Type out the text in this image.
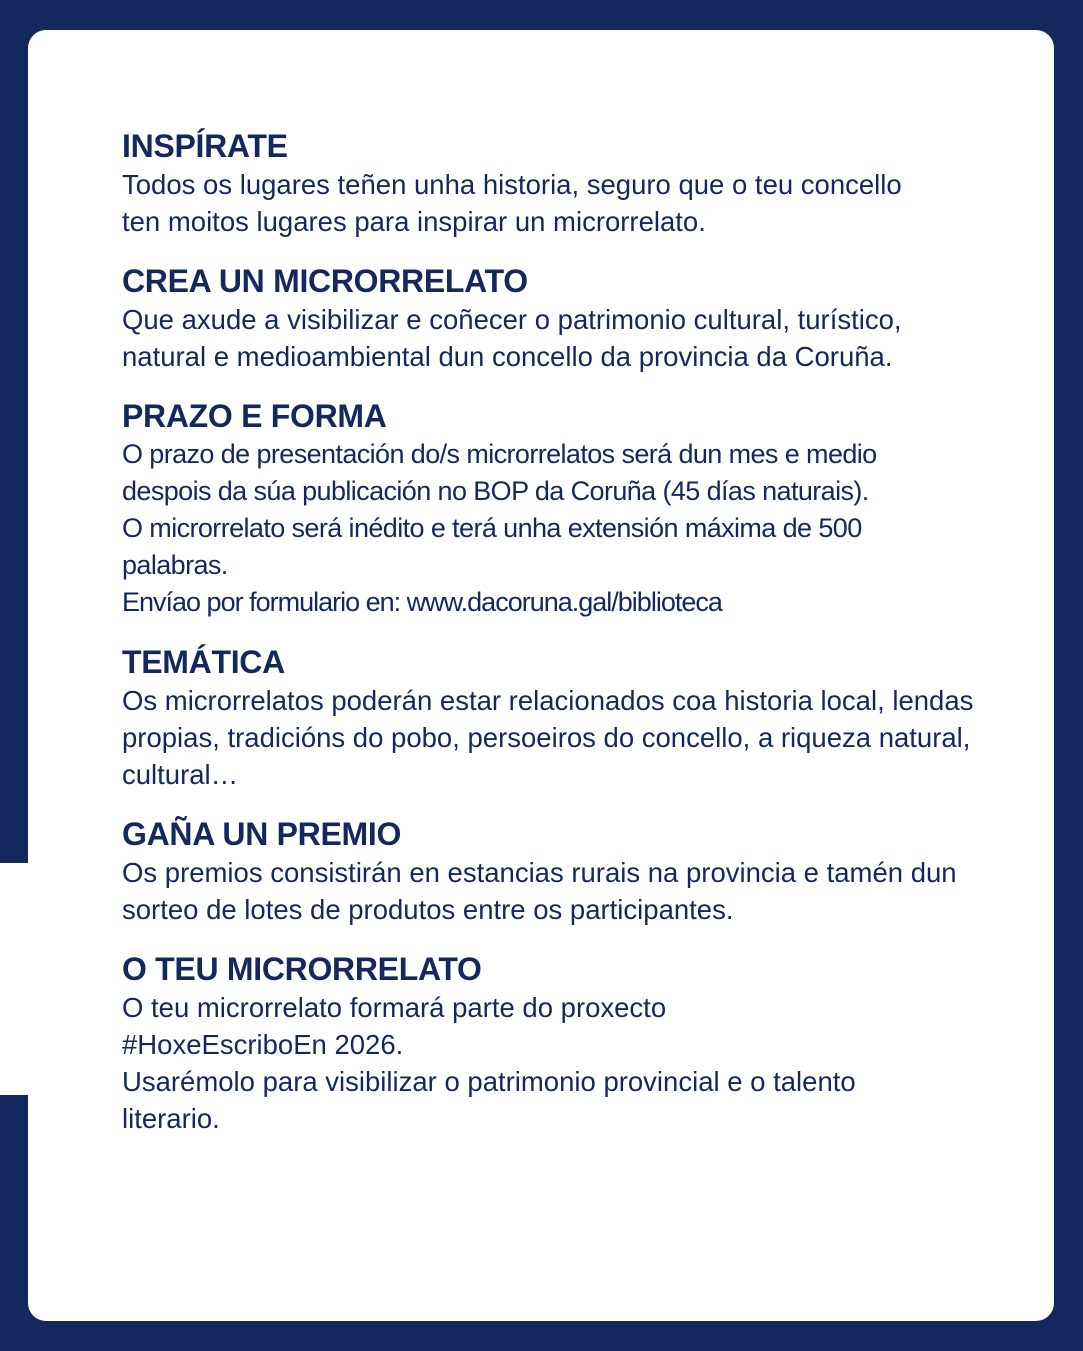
INSPÍRATE

Todos os lugares teñen unha historia, seguro que o teu concello ten moitos lugares para inspirar un microrrelato.

CREA UN MICRORRELATO

Que axude a visibilizar e coñecer o patrimonio cultural, turístico, natural e medioambiental dun concello da provincia da Coruña.

PRAZO E FORMA

O prazo de presentación do/s microrrelatos será dun mes e medio despois da súa publicación no BOP da Coruña (45 días naturais).

O microrrelato será inédito e terá unha extensión máxima de 500 palabras.

Envíao por formulario en: www.dacoruna.gal/biblioteca

TEMÁTICA

Os microrrelatos poderán estar relacionados coa historia local, lendas propias, tradicións do pobo, persoeiros do concello, a riqueza natural, cultural…

GAÑA UN PREMIO

Os premios consistirán en estancias rurais na provincia e tamén dun sorteo de lotes de produtos entre os participantes.

O TEU MICRORRELATO

O teu microrrelato formará parte do proxecto #HoxeEscriboEn 2026.

Usarémolo para visibilizar o patrimonio provincial e o talento literario.
